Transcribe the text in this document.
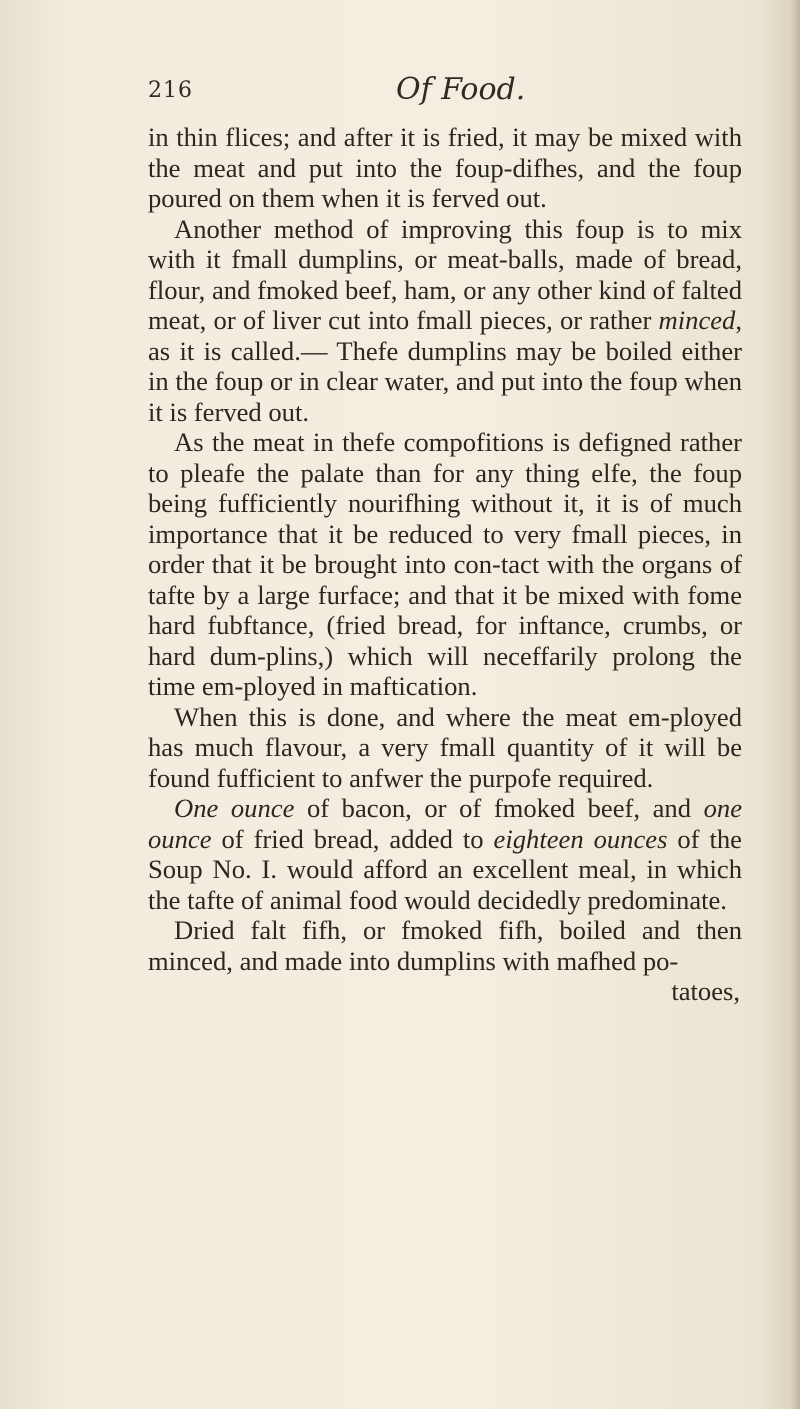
216	Of Food.

in thin flices; and after it is fried, it may be mixed with the meat and put into the foup-difhes, and the foup poured on them when it is ferved out.

Another method of improving this foup is to mix with it fmall dumplins, or meat-balls, made of bread, flour, and fmoked beef, ham, or any other kind of falted meat, or of liver cut into fmall pieces, or rather minced, as it is called.— Thefe dumplins may be boiled either in the foup or in clear water, and put into the foup when it is ferved out.

As the meat in thefe compofitions is defigned rather to pleafe the palate than for any thing elfe, the foup being fufficiently nourifhing without it, it is of much importance that it be reduced to very fmall pieces, in order that it be brought into con-tact with the organs of tafte by a large furface; and that it be mixed with fome hard fubftance, (fried bread, for inftance, crumbs, or hard dum-plins,) which will neceffarily prolong the time em-ployed in maftication.

When this is done, and where the meat em-ployed has much flavour, a very fmall quantity of it will be found fufficient to anfwer the purpofe required.

One ounce of bacon, or of fmoked beef, and one ounce of fried bread, added to eighteen ounces of the Soup No. I. would afford an excellent meal, in which the tafte of animal food would decidedly predominate.

Dried falt fifh, or fmoked fifh, boiled and then minced, and made into dumplins with mafhed po-

tatoes,
